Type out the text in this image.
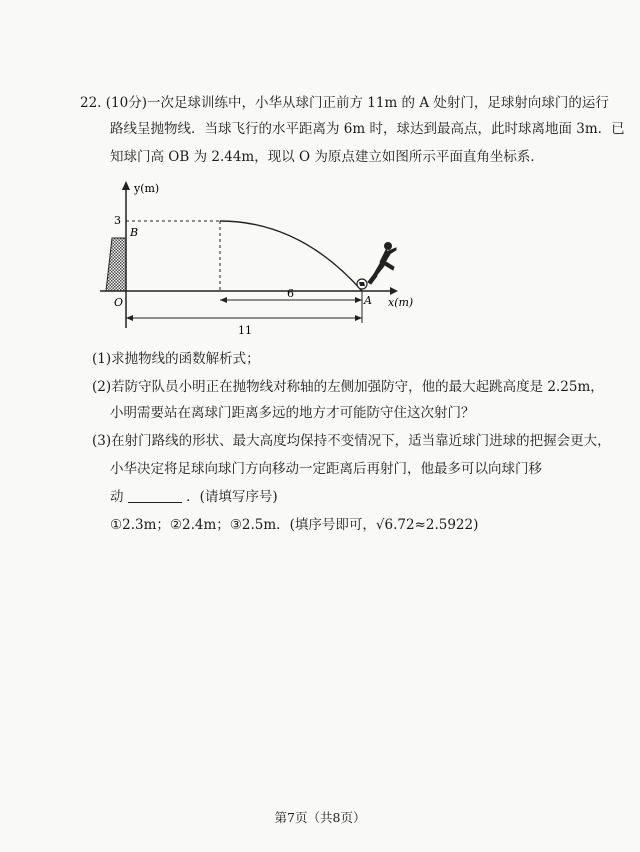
22. (10分)一次足球训练中，小华从球门正前方 11m 的 A 处射门，足球射向球门的运行
路线呈抛物线．当球飞行的水平距离为 6m 时，球达到最高点，此时球离地面 3m．已
知球门高 OB 为 2.44m，现以 O 为原点建立如图所示平面直角坐标系．
y(m)
x(m)
3
B
O	A
6
11
(1)求抛物线的函数解析式；
(2)若防守队员小明正在抛物线对称轴的左侧加强防守，他的最大起跳高度是 2.25m，
小明需要站在离球门距离多远的地方才可能防守住这次射门？
(3)在射门路线的形状、最大高度均保持不变情况下，适当靠近球门进球的把握会更大，
小华决定将足球向球门方向移动一定距离后再射门，他最多可以向球门移
动	．(请填写序号)
①2.3m；②2.4m；③2.5m．(填序号即可，√6.72≈2.5922)
第7页（共8页）
